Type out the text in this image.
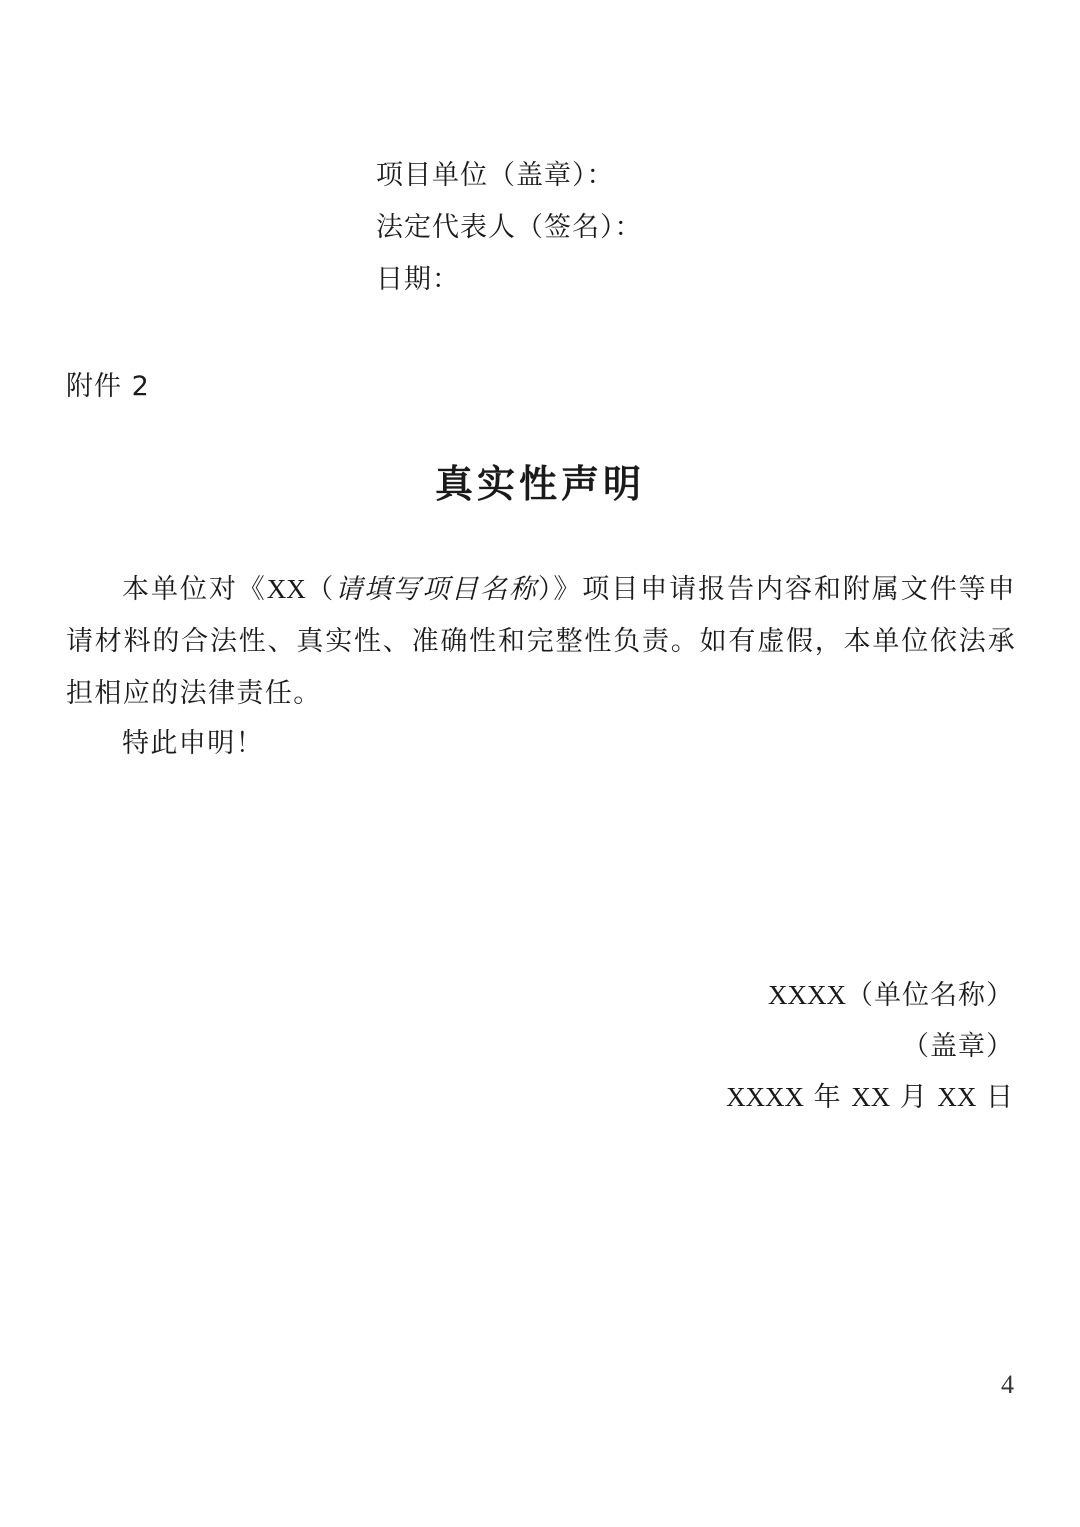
项目单位（盖章）：
法定代表人（签名）：
日期：
附件 2
真实性声明
本单位对《XX（请填写项目名称）》项目申请报告内容和附属文件等申请材料的合法性、真实性、准确性和完整性负责。如有虚假，本单位依法承担相应的法律责任。
特此申明！
XXXX（单位名称）
（盖章）
XXXX 年 XX 月 XX 日
4
